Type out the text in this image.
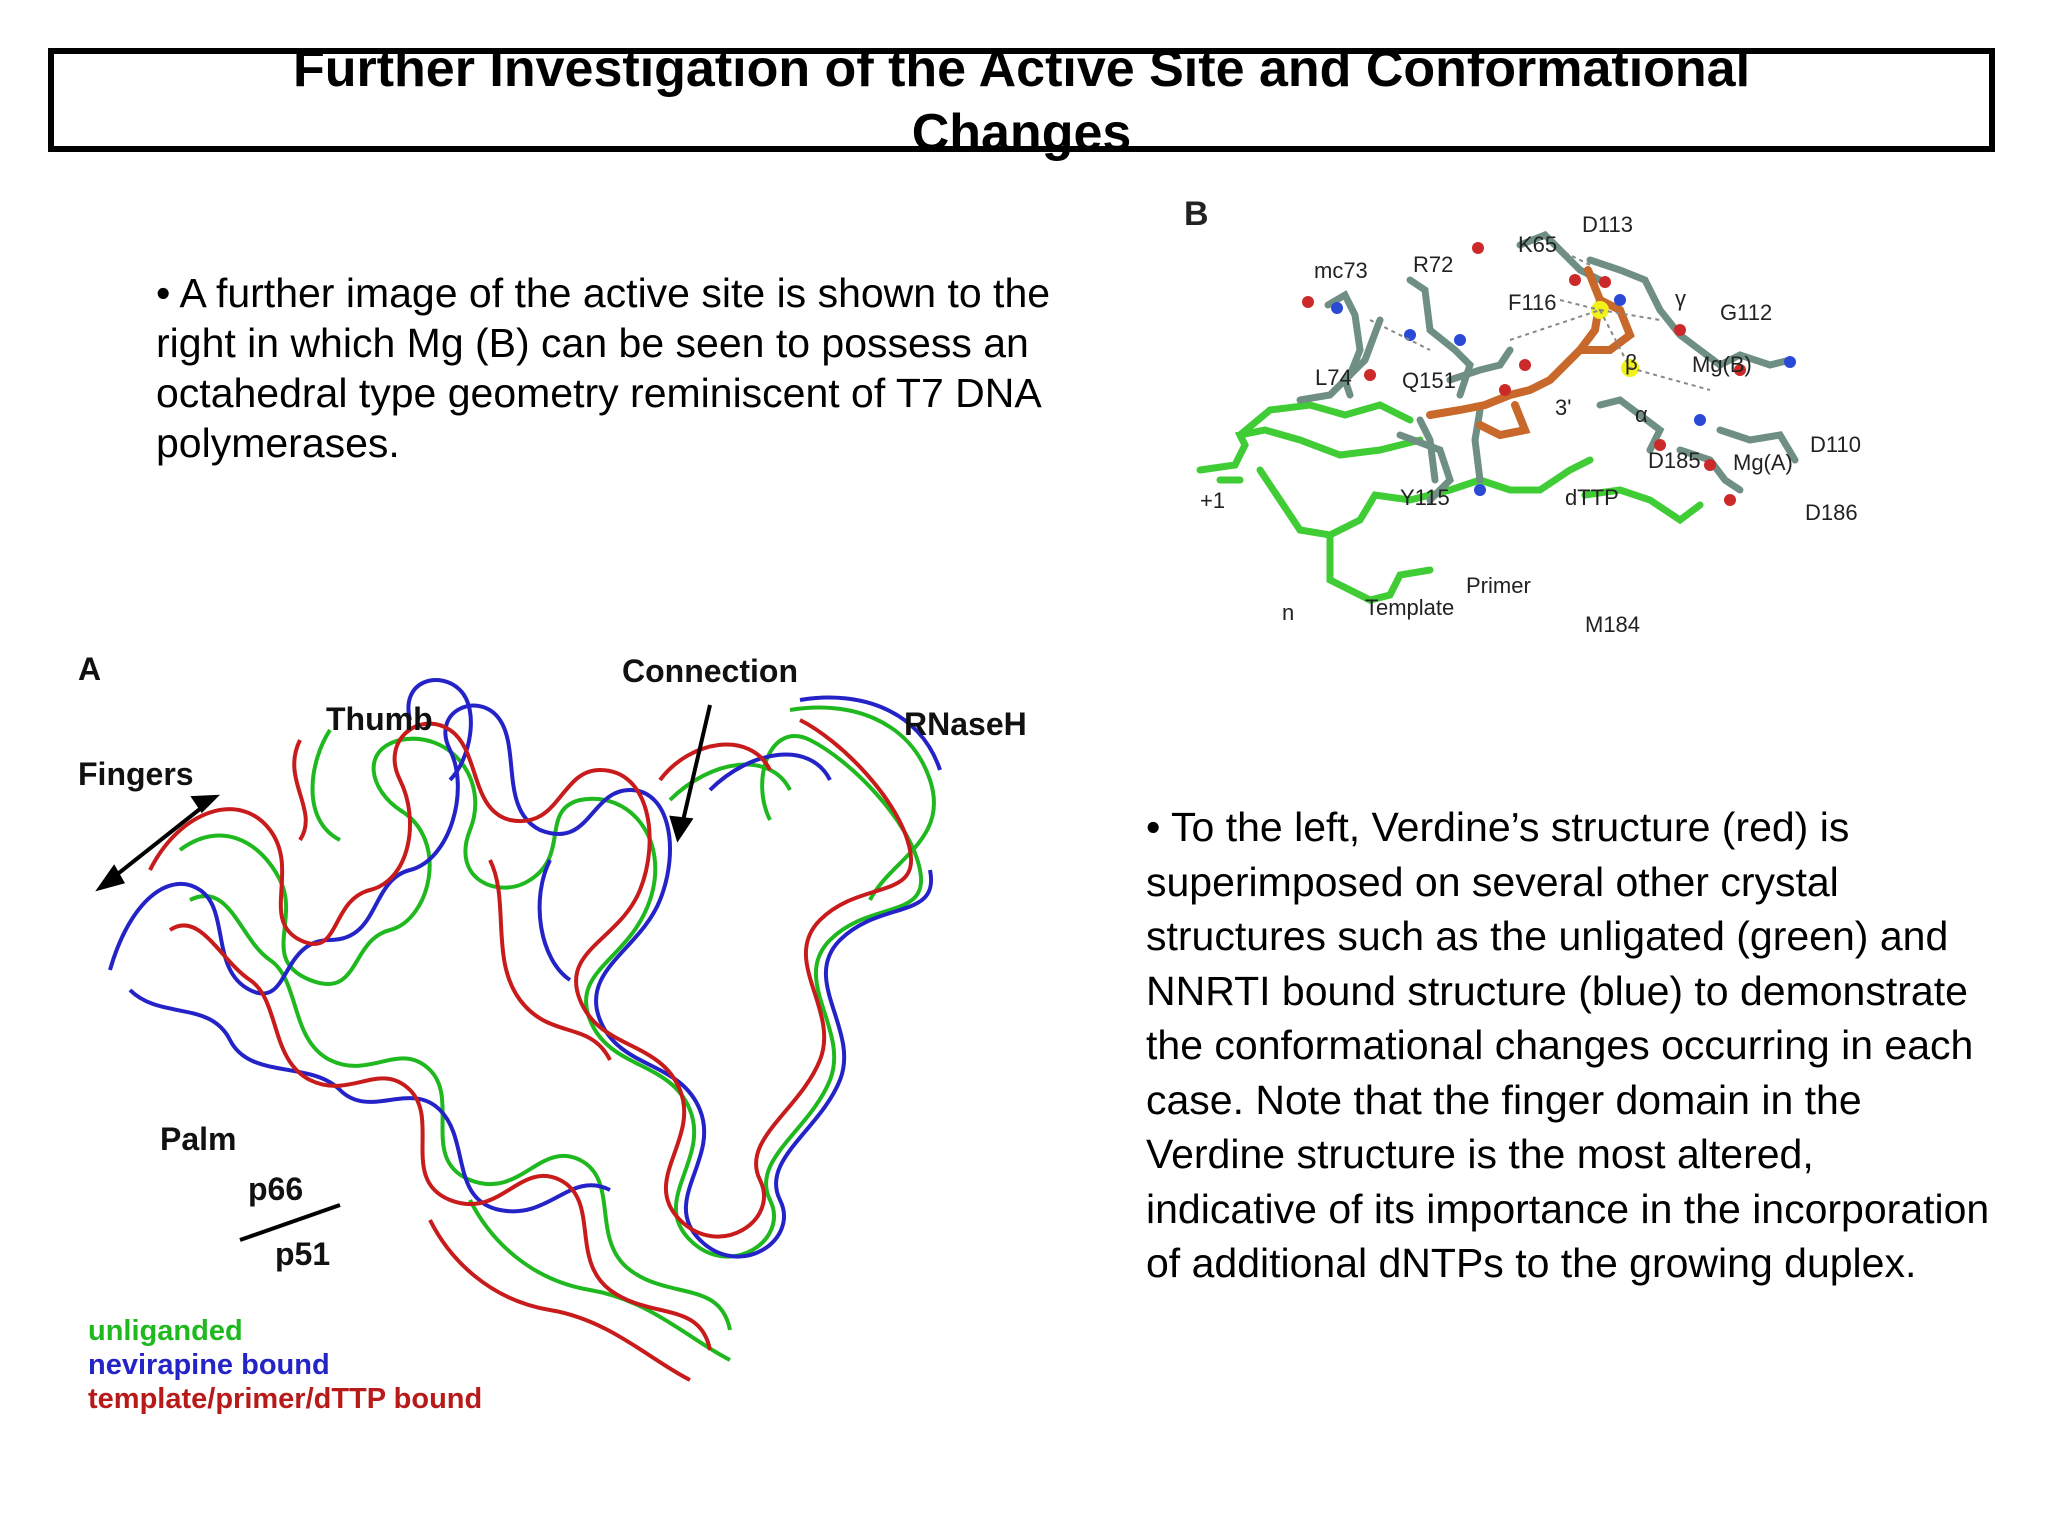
Further Investigation of the Active Site and Conformational Changes
• A further image of the active site is shown to the right in which Mg (B) can be seen to possess an octahedral type geometry reminiscent of T7 DNA polymerases.
• To the left, Verdine’s structure (red) is superimposed on several other crystal structures such as the unligated (green) and NNRTI bound structure (blue) to demonstrate the conformational changes occurring in each case. Note that the finger domain in the Verdine structure is the most altered, indicative of its importance in the incorporation of additional dNTPs to the growing duplex.
B	D113
K65
mc73 R72
F116	γ
G112
L74 Q151
β Mg(B)
3'	α
D110
D185 Mg(A)
+1	Y115	dTTP
D186
Primer
Template
n	M184
A	Connection
Thumb	RNaseH
Fingers
Palm
p66
p51
unliganded
nevirapine bound
template/primer/dTTP bound
